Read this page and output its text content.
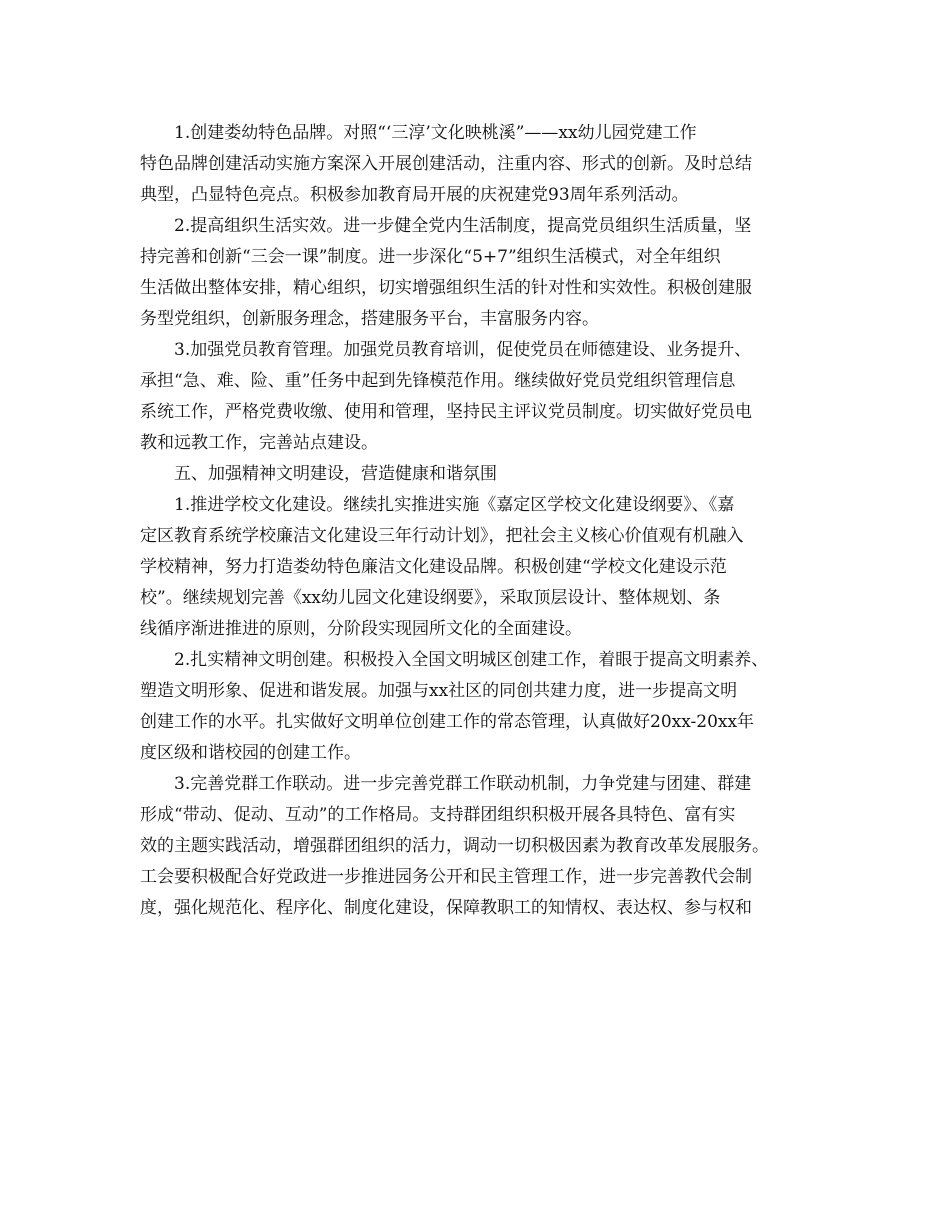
1.创建娄幼特色品牌。对照“‘三淳’文化映桃溪”——xx幼儿园党建工作
特色品牌创建活动实施方案深入开展创建活动，注重内容、形式的创新。及时总结
典型，凸显特色亮点。积极参加教育局开展的庆祝建党93周年系列活动。
2.提高组织生活实效。进一步健全党内生活制度，提高党员组织生活质量，坚
持完善和创新“三会一课”制度。进一步深化“5+7”组织生活模式，对全年组织
生活做出整体安排，精心组织，切实增强组织生活的针对性和实效性。积极创建服
务型党组织，创新服务理念，搭建服务平台，丰富服务内容。
3.加强党员教育管理。加强党员教育培训，促使党员在师德建设、业务提升、
承担“急、难、险、重”任务中起到先锋模范作用。继续做好党员党组织管理信息
系统工作，严格党费收缴、使用和管理，坚持民主评议党员制度。切实做好党员电
教和远教工作，完善站点建设。
五、加强精神文明建设，营造健康和谐氛围
1.推进学校文化建设。继续扎实推进实施《嘉定区学校文化建设纲要》、《嘉
定区教育系统学校廉洁文化建设三年行动计划》，把社会主义核心价值观有机融入
学校精神，努力打造娄幼特色廉洁文化建设品牌。积极创建“学校文化建设示范
校”。继续规划完善《xx幼儿园文化建设纲要》，采取顶层设计、整体规划、条
线循序渐进推进的原则，分阶段实现园所文化的全面建设。
2.扎实精神文明创建。积极投入全国文明城区创建工作，着眼于提高文明素养、
塑造文明形象、促进和谐发展。加强与xx社区的同创共建力度，进一步提高文明
创建工作的水平。扎实做好文明单位创建工作的常态管理，认真做好20xx-20xx年
度区级和谐校园的创建工作。
3.完善党群工作联动。进一步完善党群工作联动机制，力争党建与团建、群建
形成“带动、促动、互动”的工作格局。支持群团组织积极开展各具特色、富有实
效的主题实践活动，增强群团组织的活力，调动一切积极因素为教育改革发展服务。
工会要积极配合好党政进一步推进园务公开和民主管理工作，进一步完善教代会制
度，强化规范化、程序化、制度化建设，保障教职工的知情权、表达权、参与权和
